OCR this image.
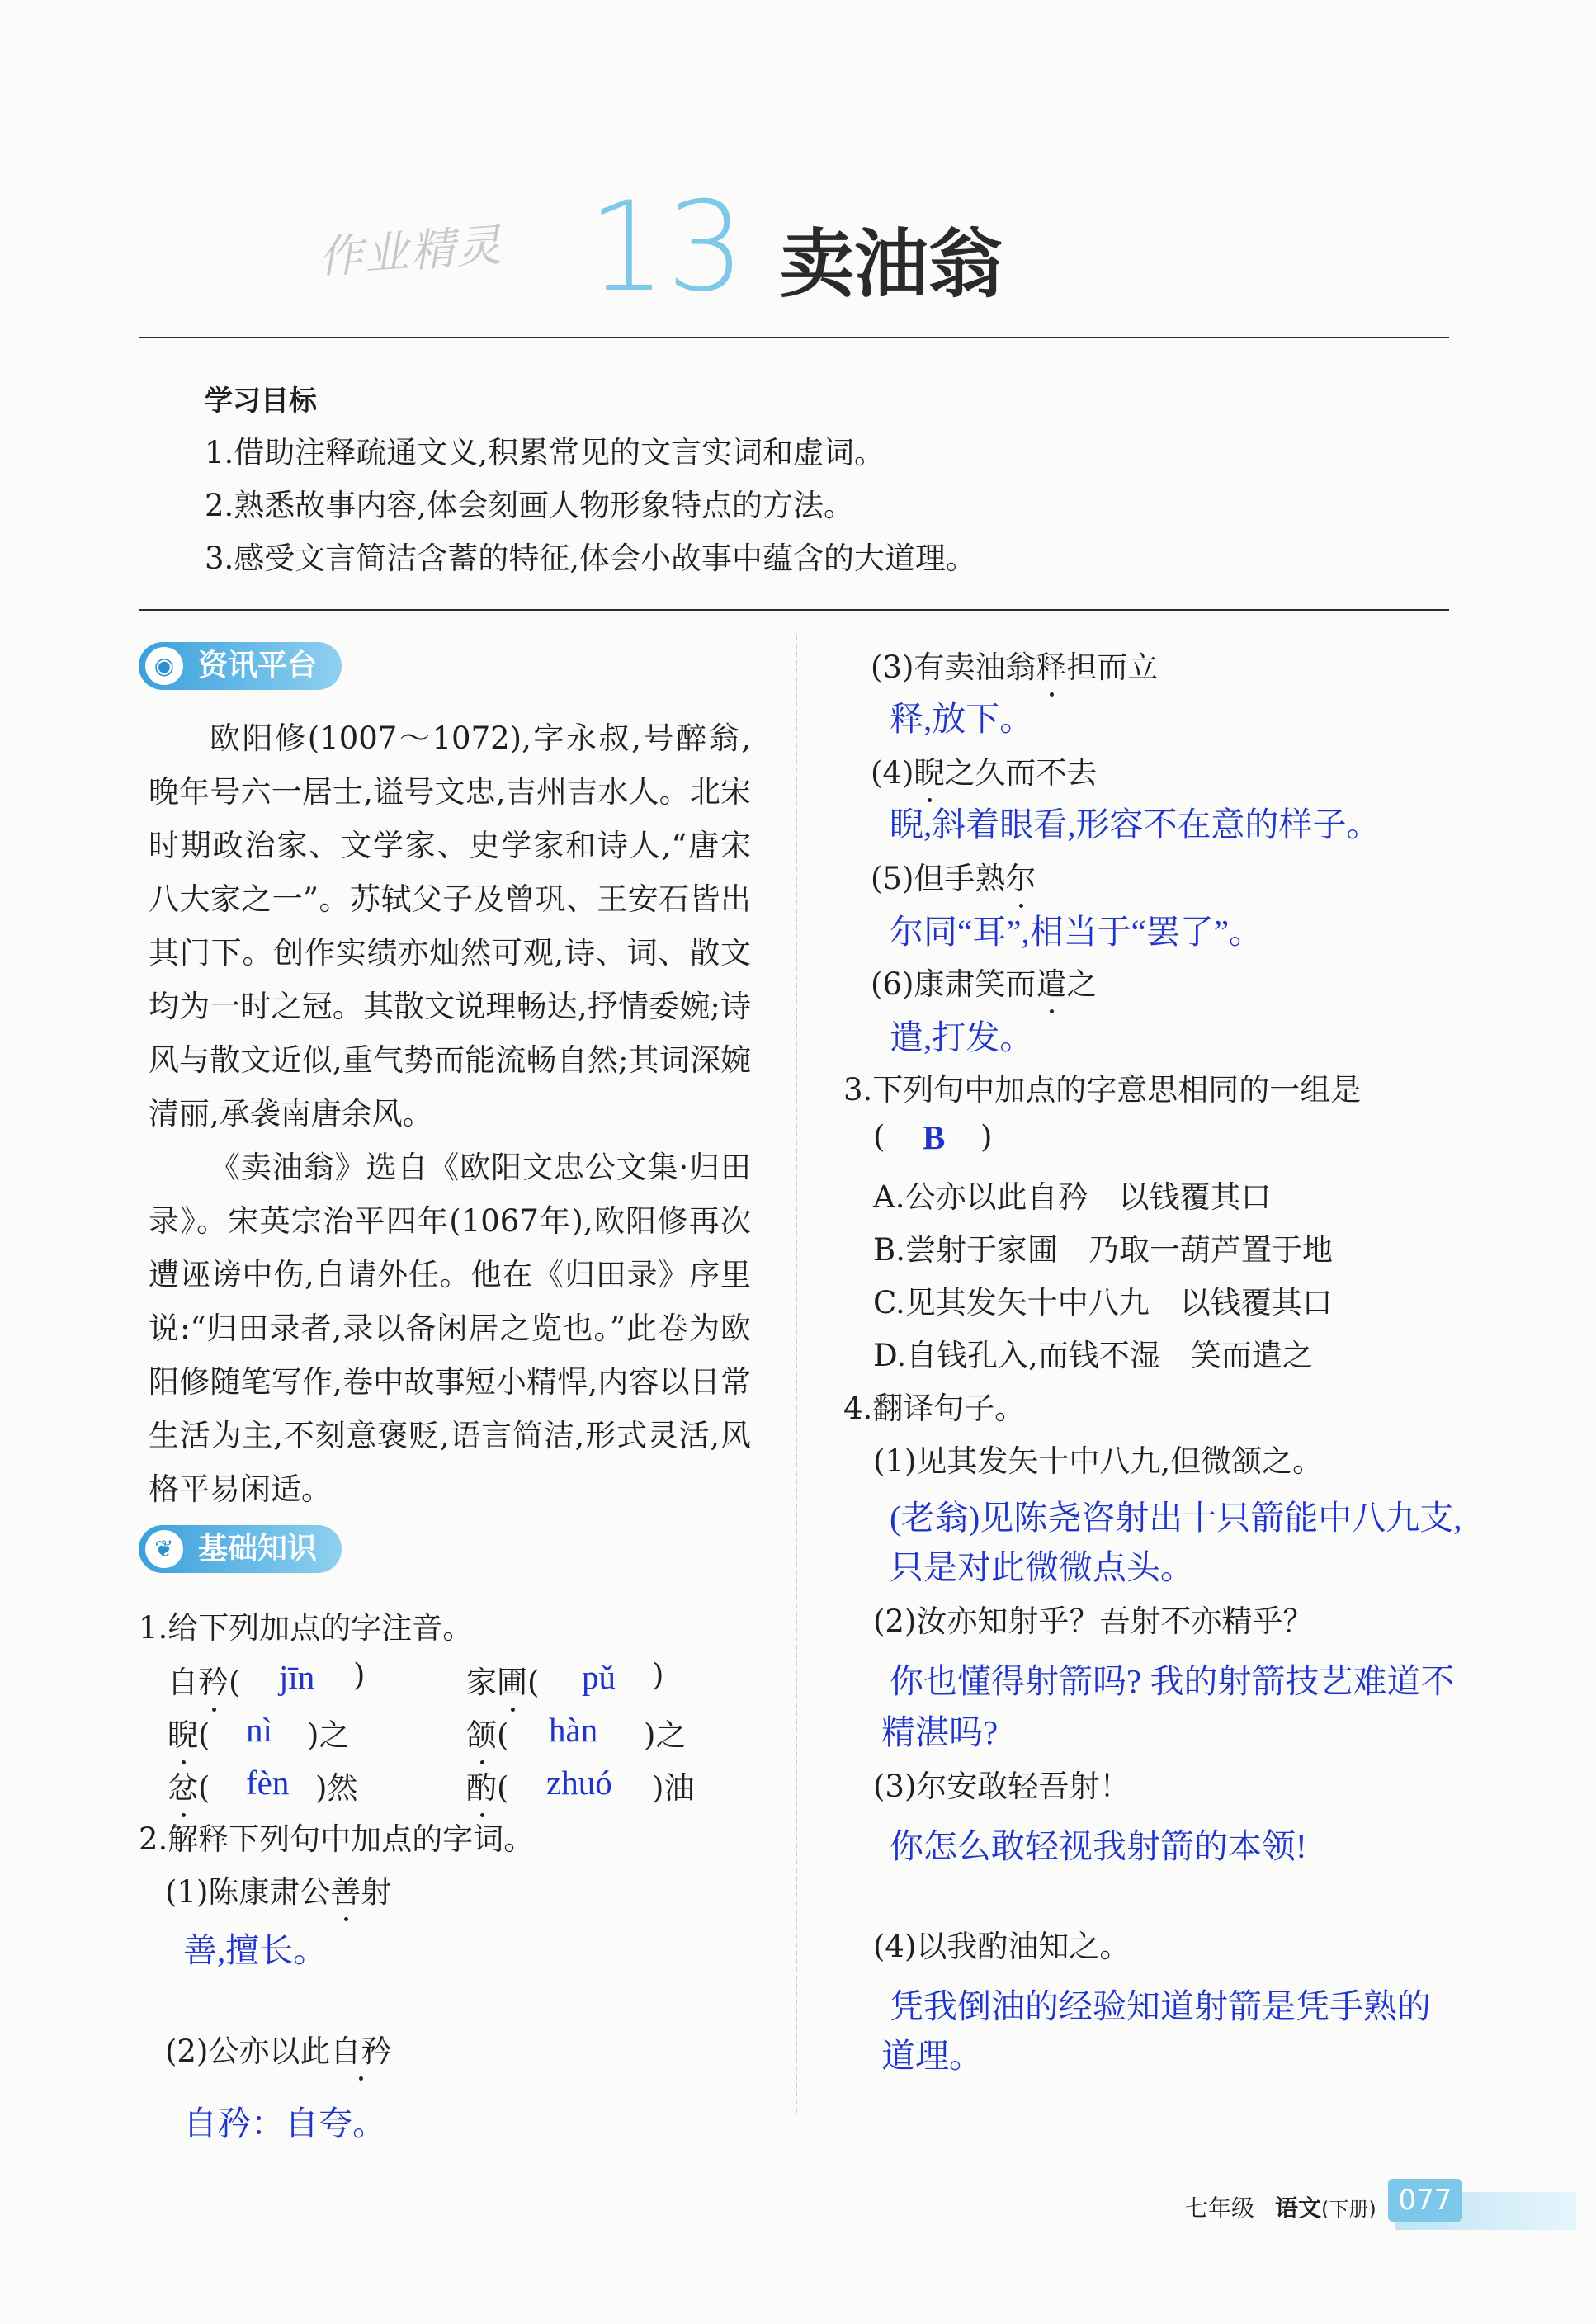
作业精灵 13 卖油翁
学习目标
1.借助注释疏通文义,积累常见的文言实词和虚词。
2.熟悉故事内容,体会刻画人物形象特点的方法。
3.感受文言简洁含蓄的特征,体会小故事中蕴含的大道理。
◉ 资讯平台
欧阳修(1007～1072),字永叔,号醉翁,晚年号六一居士,谥号文忠,吉州吉水人。北宋时期政治家、文学家、史学家和诗人,“唐宋八大家之一”。苏轼父子及曾巩、王安石皆出其门下。创作实绩亦灿然可观,诗、词、散文均为一时之冠。其散文说理畅达,抒情委婉;诗风与散文近似,重气势而能流畅自然;其词深婉清丽,承袭南唐余风。
《卖油翁》选自《欧阳文忠公文集·归田录》。宋英宗治平四年(1067年),欧阳修再次遭诬谤中伤,自请外任。他在《归田录》序里说:“归田录者,录以备闲居之览也。”此卷为欧阳修随笔写作,卷中故事短小精悍,内容以日常生活为主,不刻意褒贬,语言简洁,形式灵活,风格平易闲适。
❦ 基础知识
1.给下列加点的字注音。
自矜( jīn )	家圃( pǔ )
睨( nì )之	颔( hàn )之
忿( fèn )然	酌( zhuó )油
2.解释下列句中加点的字词。
(1)陈康肃公善射
善,擅长。
(2)公亦以此自矜
自矜：自夸。
(3)有卖油翁释担而立
释,放下。
(4)睨之久而不去
睨,斜着眼看,形容不在意的样子。
(5)但手熟尔
尔同“耳”,相当于“罢了”。
(6)康肃笑而遣之
遣,打发。
3.下列句中加点的字意思相同的一组是
( B )
A.公亦以此自矜　以钱覆其口
B.尝射于家圃　乃取一葫芦置于地
C.见其发矢十中八九　以钱覆其口
D.自钱孔入,而钱不湿　笑而遣之
4.翻译句子。
(1)见其发矢十中八九,但微颔之。
(老翁)见陈尧咨射出十只箭能中八九支,
只是对此微微点头。
(2)汝亦知射乎？吾射不亦精乎？
你也懂得射箭吗? 我的射箭技艺难道不
精湛吗?
(3)尔安敢轻吾射！
你怎么敢轻视我射箭的本领!
(4)以我酌油知之。
凭我倒油的经验知道射箭是凭手熟的
道理。
七年级 语文(下册) 077
